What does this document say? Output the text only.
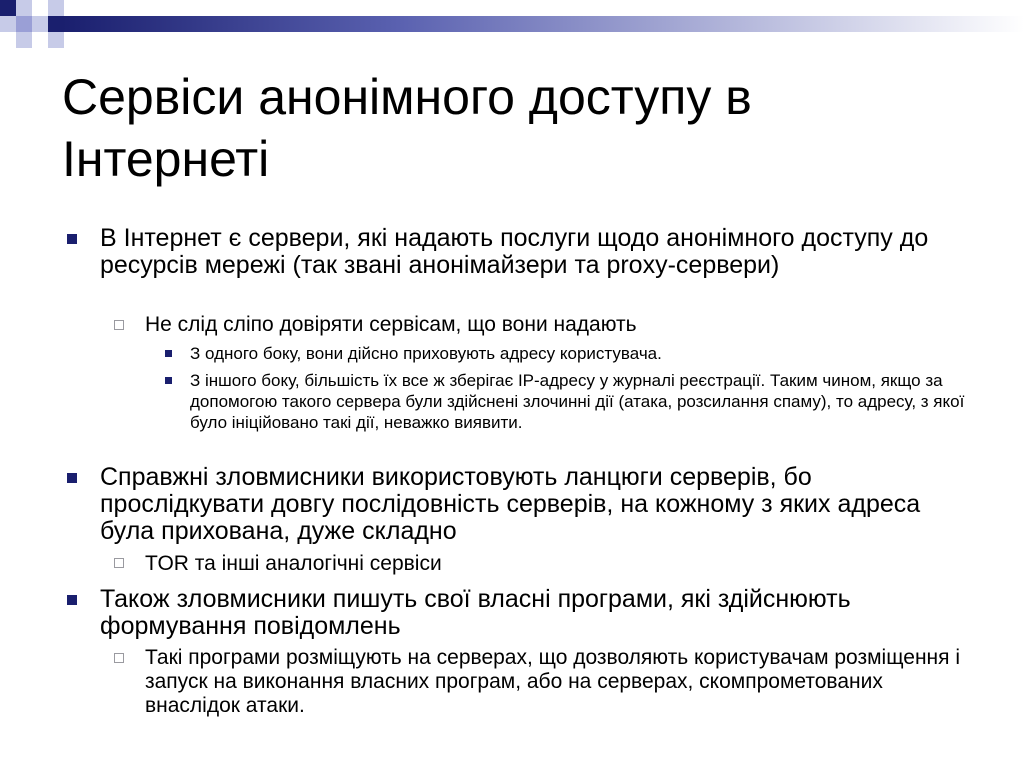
Сервіси анонімного доступу в Інтернеті

В Інтернет є сервери, які надають послуги щодо анонімного доступу до ресурсів мережі (так звані анонімайзери та proxy-сервери)

Не слід сліпо довіряти сервісам, що вони надають

З одного боку, вони дійсно приховують адресу користувача.

З іншого боку, більшість їх все ж зберігає IP-адресу у журналі реєстрації. Таким чином, якщо за допомогою такого сервера були здійснені злочинні дії (атака, розсилання спаму), то адресу, з якої було ініційовано такі дії, неважко виявити.

Справжні зловмисники використовують ланцюги серверів, бо прослідкувати довгу послідовність серверів, на кожному з яких адреса була прихована, дуже складно

TOR та інші аналогічні сервіси

Також зловмисники пишуть свої власні програми, які здійснюють формування повідомлень

Такі програми розміщують на серверах, що дозволяють користувачам розміщення і запуск на виконання власних програм, або на серверах, скомпрометованих внаслідок атаки.
